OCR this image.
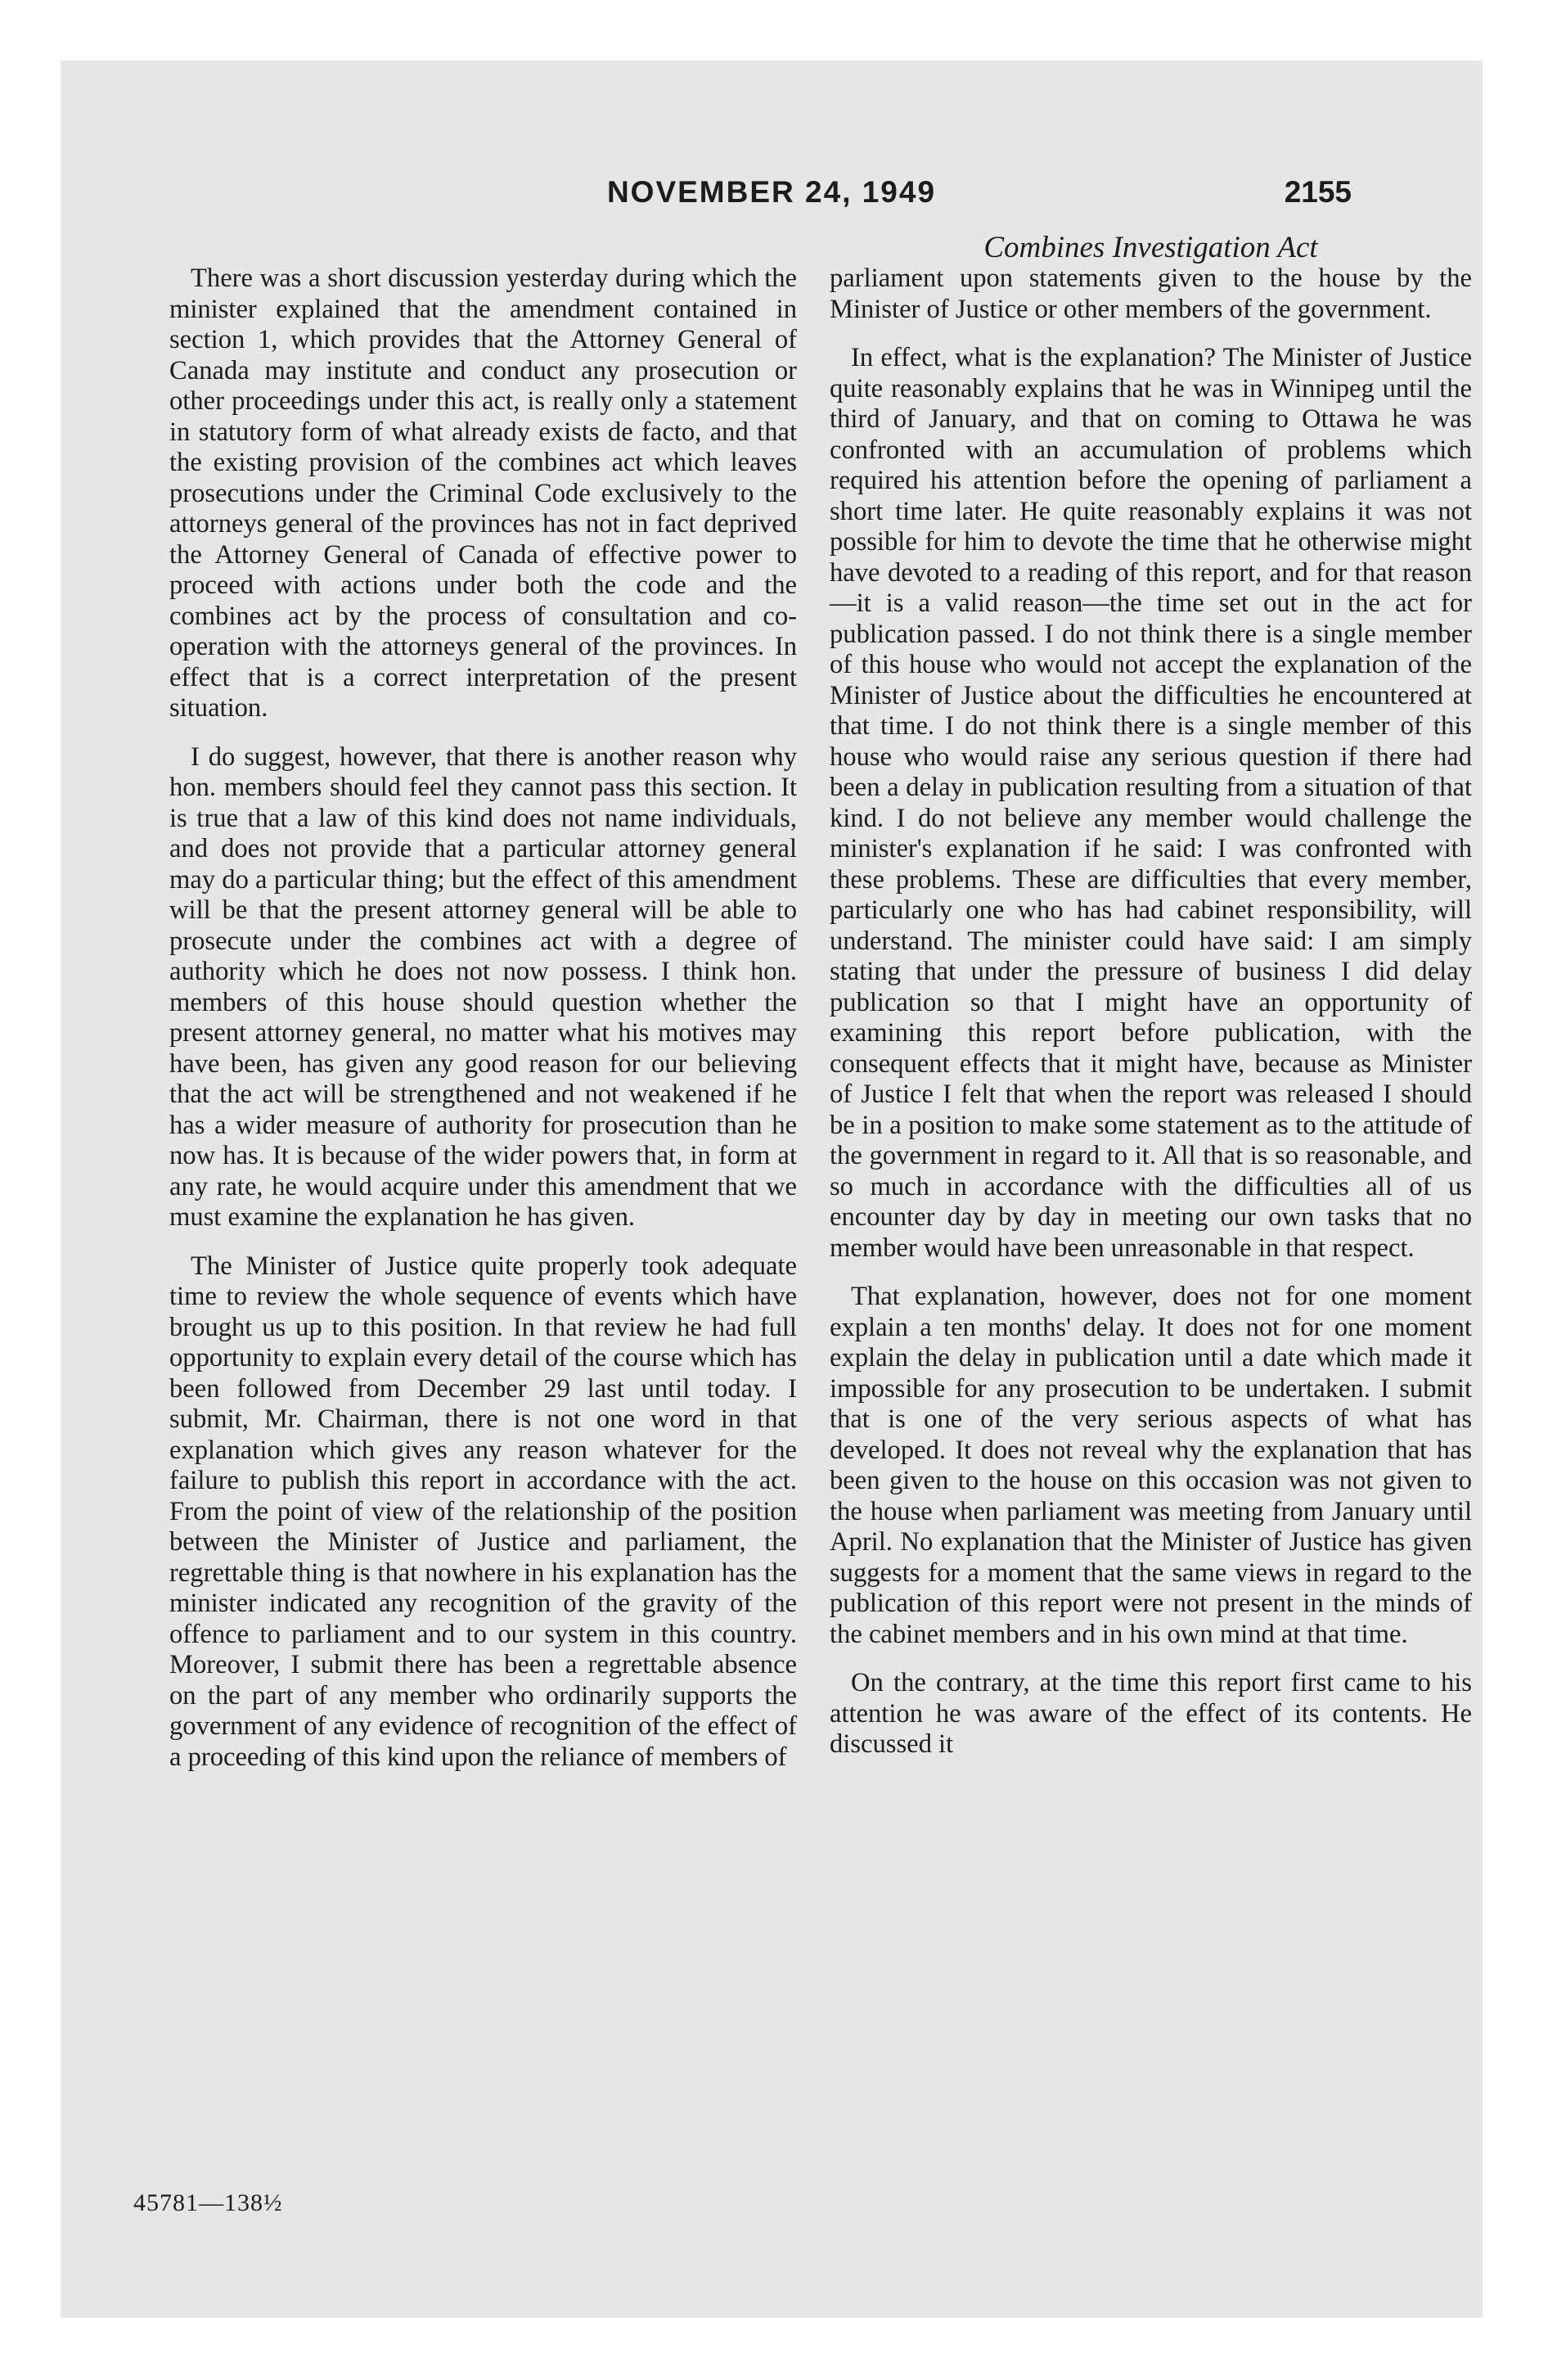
NOVEMBER 24, 1949	2155
Combines Investigation Act

There was a short discussion yesterday during which the minister explained that the amendment contained in section 1, which provides that the Attorney General of Canada may institute and conduct any prosecution or other proceedings under this act, is really only a statement in statutory form of what already exists de facto, and that the existing provision of the combines act which leaves prosecutions under the Criminal Code exclusively to the attorneys general of the provinces has not in fact deprived the Attorney General of Canada of effective power to proceed with actions under both the code and the combines act by the process of consultation and co-operation with the attorneys general of the provinces. In effect that is a correct interpretation of the present situation.

I do suggest, however, that there is another reason why hon. members should feel they cannot pass this section. It is true that a law of this kind does not name individuals, and does not provide that a particular attorney general may do a particular thing; but the effect of this amendment will be that the present attorney general will be able to prosecute under the combines act with a degree of authority which he does not now possess. I think hon. members of this house should question whether the present attorney general, no matter what his motives may have been, has given any good reason for our believing that the act will be strengthened and not weakened if he has a wider measure of authority for prosecution than he now has. It is because of the wider powers that, in form at any rate, he would acquire under this amendment that we must examine the explanation he has given.

The Minister of Justice quite properly took adequate time to review the whole sequence of events which have brought us up to this position. In that review he had full opportunity to explain every detail of the course which has been followed from December 29 last until today. I submit, Mr. Chairman, there is not one word in that explanation which gives any reason whatever for the failure to publish this report in accordance with the act. From the point of view of the relationship of the position between the Minister of Justice and parliament, the regrettable thing is that nowhere in his explanation has the minister indicated any recognition of the gravity of the offence to parliament and to our system in this country. Moreover, I submit there has been a regrettable absence on the part of any member who ordinarily supports the government of any evidence of recognition of the effect of a proceeding of this kind upon the reliance of members of

parliament upon statements given to the house by the Minister of Justice or other members of the government.

In effect, what is the explanation? The Minister of Justice quite reasonably explains that he was in Winnipeg until the third of January, and that on coming to Ottawa he was confronted with an accumulation of problems which required his attention before the opening of parliament a short time later. He quite reasonably explains it was not possible for him to devote the time that he otherwise might have devoted to a reading of this report, and for that reason—it is a valid reason—the time set out in the act for publication passed. I do not think there is a single member of this house who would not accept the explanation of the Minister of Justice about the difficulties he encountered at that time. I do not think there is a single member of this house who would raise any serious question if there had been a delay in publication resulting from a situation of that kind. I do not believe any member would challenge the minister's explanation if he said: I was confronted with these problems. These are difficulties that every member, particularly one who has had cabinet responsibility, will understand. The minister could have said: I am simply stating that under the pressure of business I did delay publication so that I might have an opportunity of examining this report before publication, with the consequent effects that it might have, because as Minister of Justice I felt that when the report was released I should be in a position to make some statement as to the attitude of the government in regard to it. All that is so reasonable, and so much in accordance with the difficulties all of us encounter day by day in meeting our own tasks that no member would have been unreasonable in that respect.

That explanation, however, does not for one moment explain a ten months' delay. It does not for one moment explain the delay in publication until a date which made it impossible for any prosecution to be undertaken. I submit that is one of the very serious aspects of what has developed. It does not reveal why the explanation that has been given to the house on this occasion was not given to the house when parliament was meeting from January until April. No explanation that the Minister of Justice has given suggests for a moment that the same views in regard to the publication of this report were not present in the minds of the cabinet members and in his own mind at that time.

On the contrary, at the time this report first came to his attention he was aware of the effect of its contents. He discussed it

45781—138½
